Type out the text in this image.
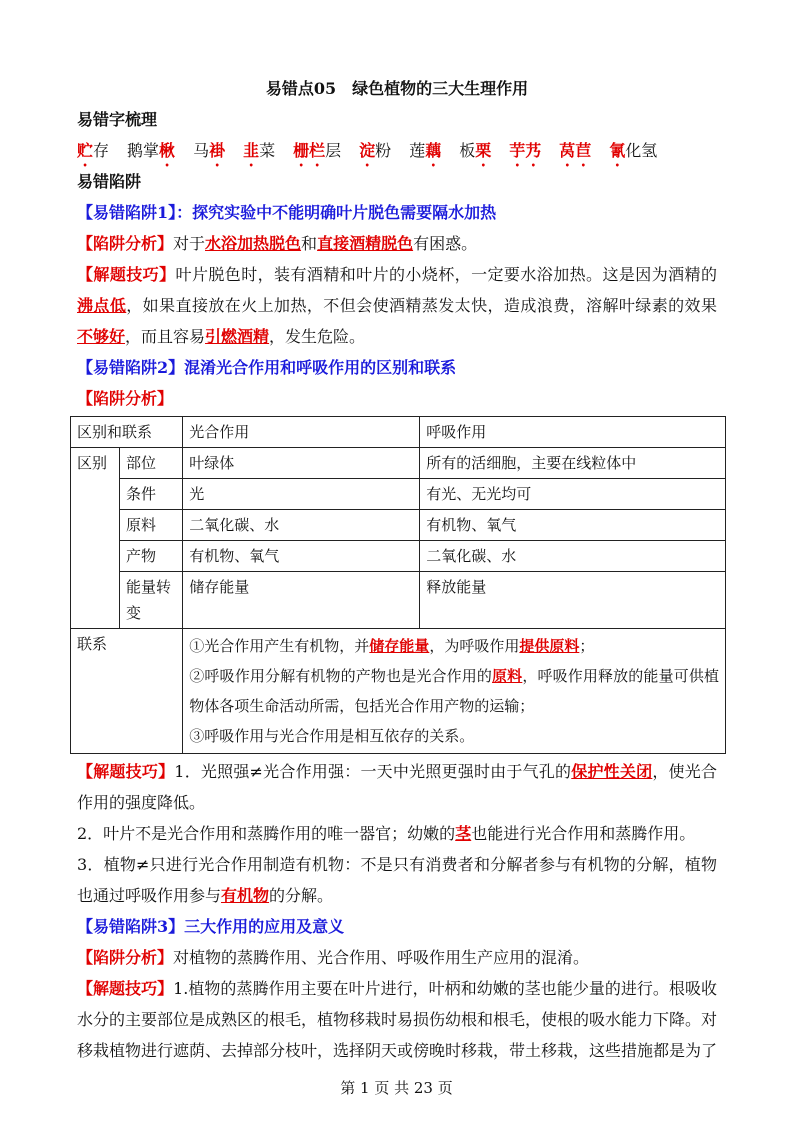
易错点05　绿色植物的三大生理作用
易错字梳理
贮存 鹅掌楸 马褂 韭菜 栅栏层 淀粉 莲藕 板栗 芋艿 莴苣 氰化氢
易错陷阱

【易错陷阱1】：探究实验中不能明确叶片脱色需要隔水加热

【陷阱分析】对于水浴加热脱色和直接酒精脱色有困惑。

【解题技巧】叶片脱色时，装有酒精和叶片的小烧杯，一定要水浴加热。这是因为酒精的沸点低，如果直接放在火上加热，不但会使酒精蒸发太快，造成浪费，溶解叶绿素的效果不够好，而且容易引燃酒精，发生危险。

【易错陷阱2】混淆光合作用和呼吸作用的区别和联系

【陷阱分析】

区别和联系		光合作用	呼吸作用
区别	部位	叶绿体	所有的活细胞，主要在线粒体中
	条件	光	有光、无光均可
	原料	二氧化碳、水	有机物、氧气
	产物	有机物、氧气	二氧化碳、水
	能量转变	储存能量	释放能量
联系		①光合作用产生有机物，并储存能量，为呼吸作用提供原料；
②呼吸作用分解有机物的产物也是光合作用的原料，呼吸作用释放的能量可供植物体各项生命活动所需，包括光合作用产物的运输；
③呼吸作用与光合作用是相互依存的关系。	

【解题技巧】1．光照强≠光合作用强：一天中光照更强时由于气孔的保护性关闭，使光合作用的强度降低。

2．叶片不是光合作用和蒸腾作用的唯一器官；幼嫩的茎也能进行光合作用和蒸腾作用。

3．植物≠只进行光合作用制造有机物：不是只有消费者和分解者参与有机物的分解，植物也通过呼吸作用参与有机物的分解。

【易错陷阱3】三大作用的应用及意义

【陷阱分析】对植物的蒸腾作用、光合作用、呼吸作用生产应用的混淆。

【解题技巧】1.植物的蒸腾作用主要在叶片进行，叶柄和幼嫩的茎也能少量的进行。根吸收水分的主要部位是成熟区的根毛，植物移栽时易损伤幼根和根毛，使根的吸水能力下降。对移栽植物进行遮荫、去掉部分枝叶，选择阴天或傍晚时移栽，带土移栽，这些措施都是为了

第 1 页 共 23 页
